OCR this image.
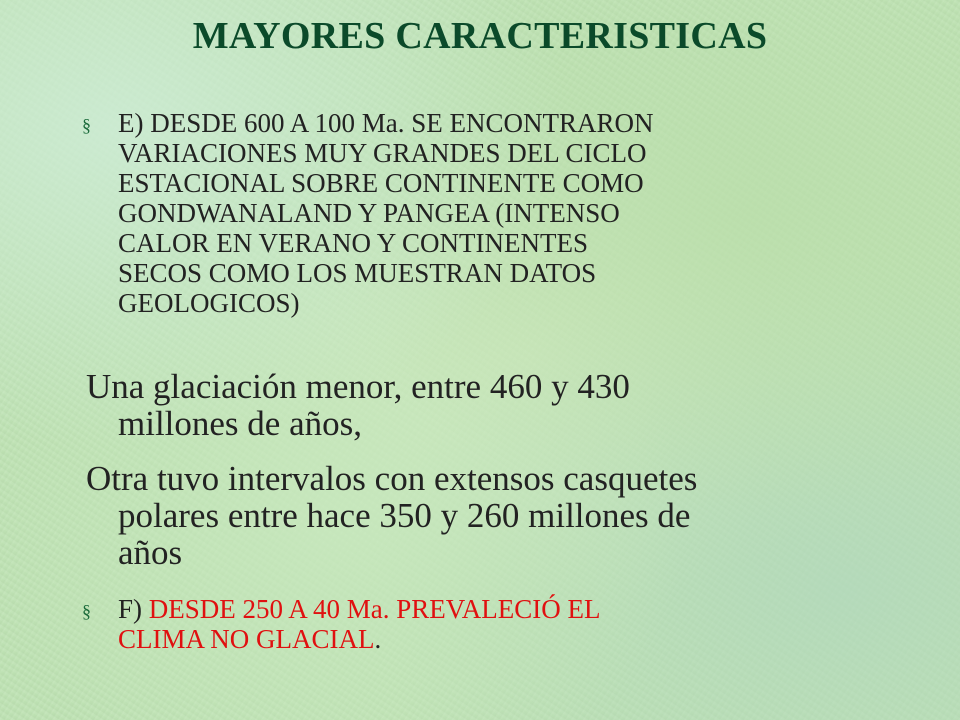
MAYORES CARACTERISTICAS
§ E) DESDE 600 A 100 Ma. SE ENCONTRARON
VARIACIONES MUY GRANDES DEL CICLO
ESTACIONAL SOBRE CONTINENTE COMO
GONDWANALAND Y PANGEA (INTENSO
CALOR EN VERANO Y CONTINENTES
SECOS COMO LOS MUESTRAN DATOS
GEOLOGICOS)
Una glaciación menor, entre 460 y 430
millones de años,
Otra tuvo intervalos con extensos casquetes
polares entre hace 350 y 260 millones de
años
§ F) DESDE 250 A 40 Ma. PREVALECIÓ EL
CLIMA NO GLACIAL.
